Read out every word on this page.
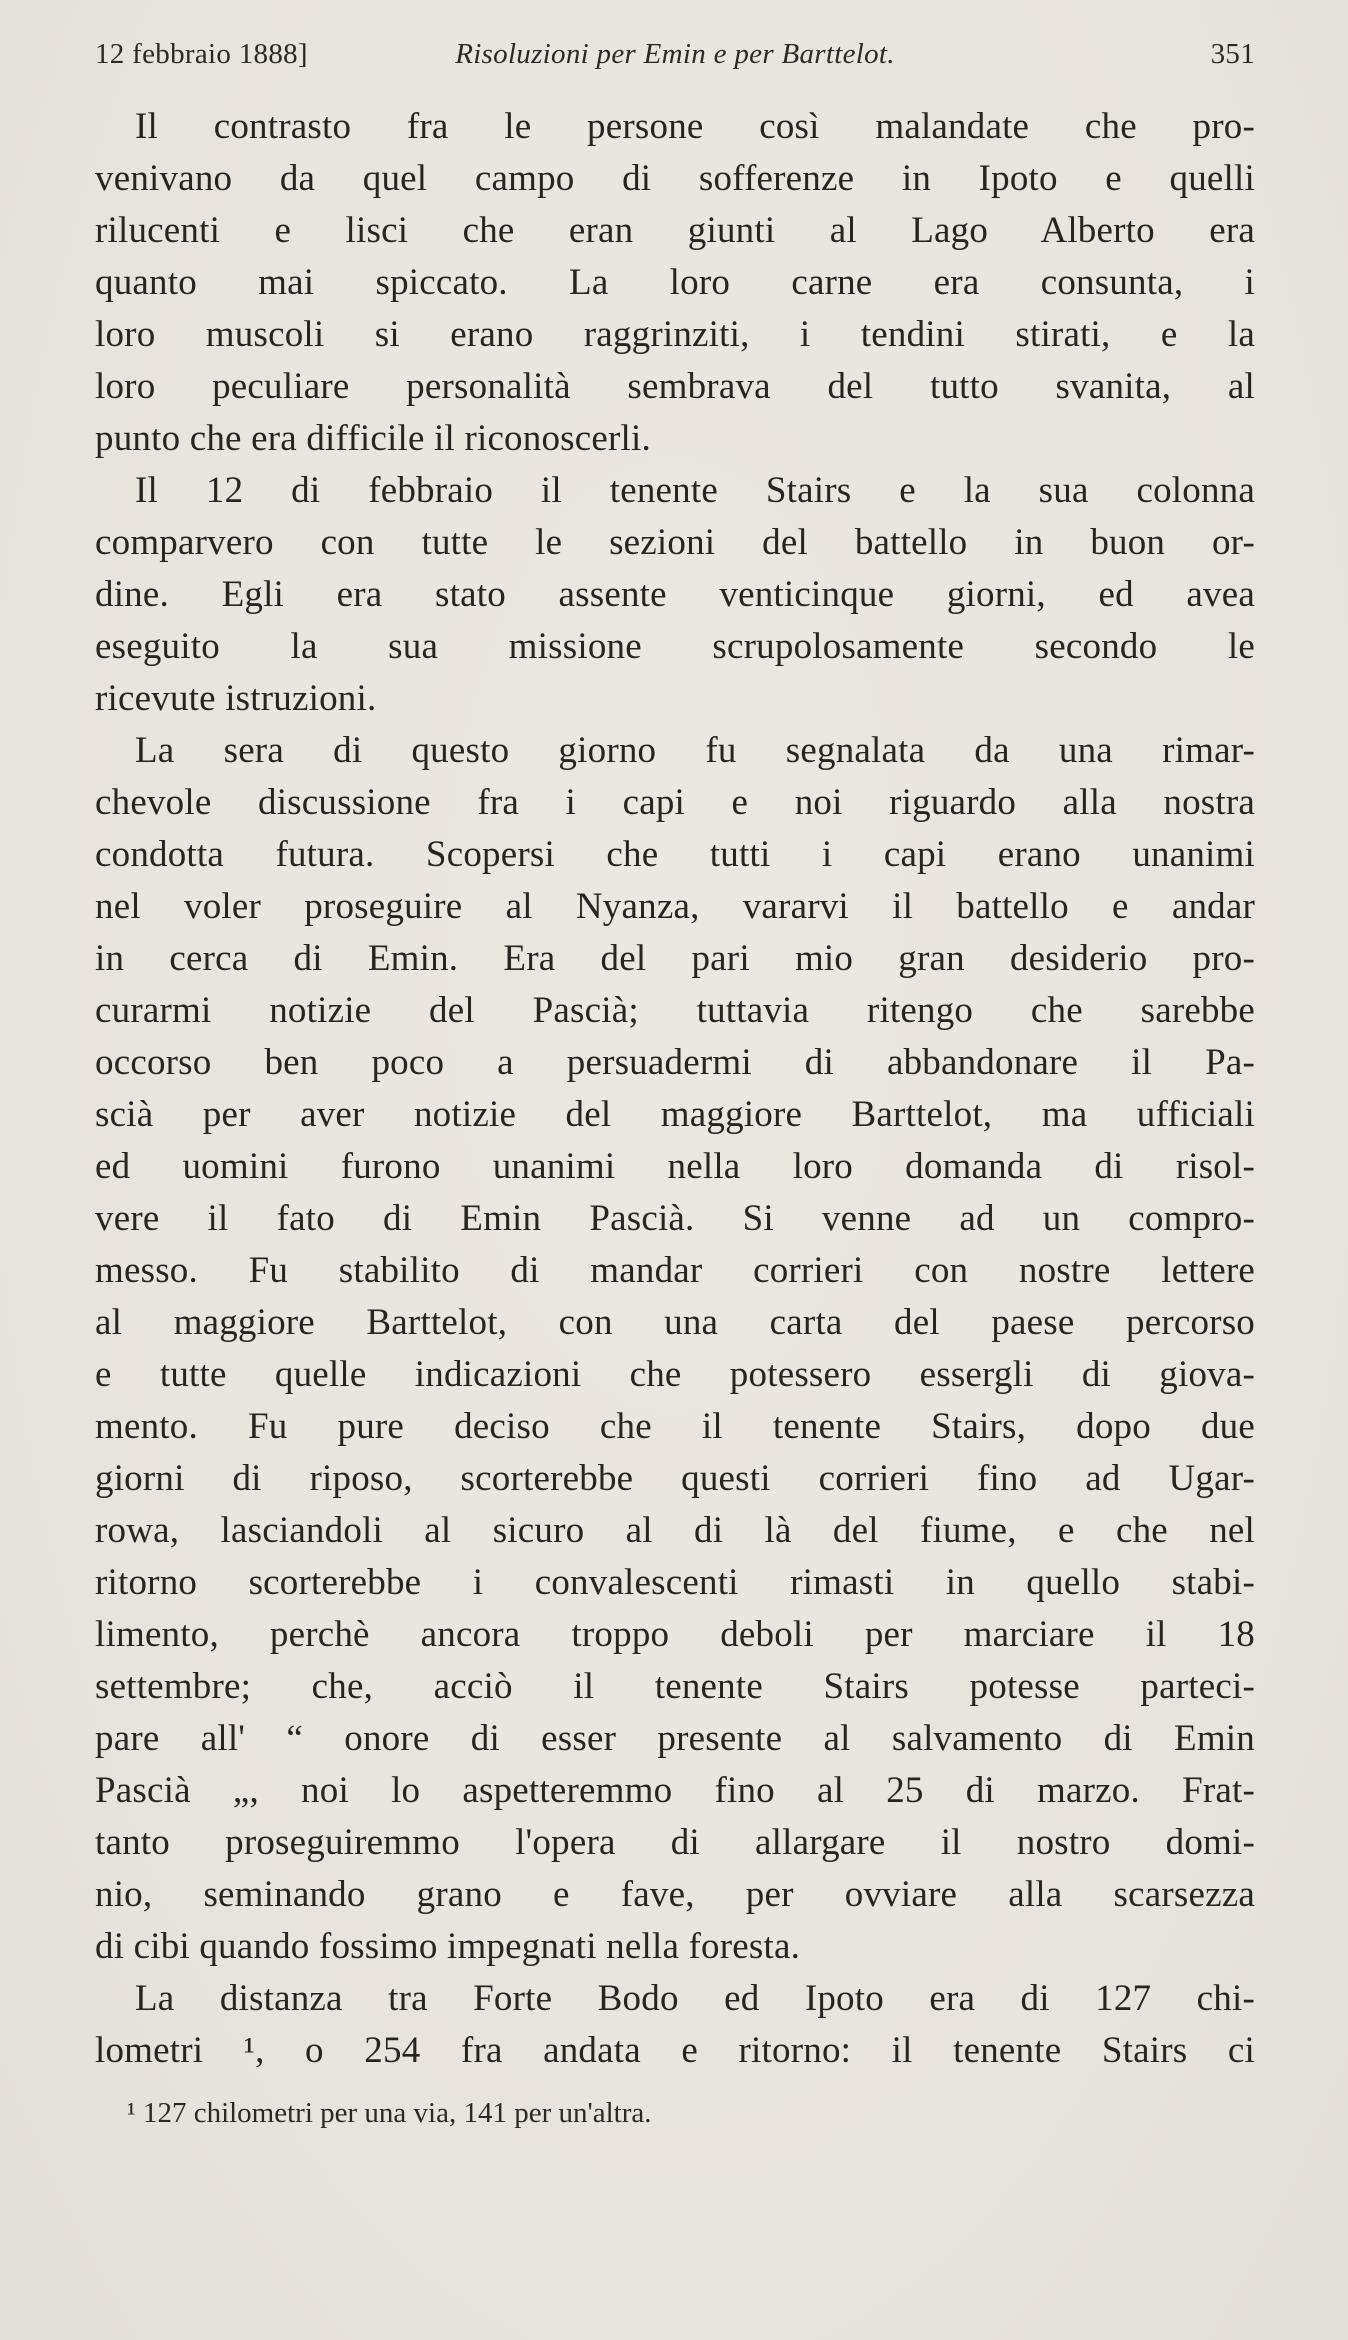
12 febbraio 1888]	Risoluzioni per Emin e per Barttelot.	351
Il contrasto fra le persone così malandate che pro-
venivano da quel campo di sofferenze in Ipoto e quelli
rilucenti e lisci che eran giunti al Lago Alberto era
quanto mai spiccato. La loro carne era consunta, i
loro muscoli si erano raggrinziti, i tendini stirati, e la
loro peculiare personalità sembrava del tutto svanita, al
punto che era difficile il riconoscerli.
Il 12 di febbraio il tenente Stairs e la sua colonna
comparvero con tutte le sezioni del battello in buon or-
dine. Egli era stato assente venticinque giorni, ed avea
eseguito la sua missione scrupolosamente secondo le
ricevute istruzioni.
La sera di questo giorno fu segnalata da una rimar-
chevole discussione fra i capi e noi riguardo alla nostra
condotta futura. Scopersi che tutti i capi erano unanimi
nel voler proseguire al Nyanza, vararvi il battello e andar
in cerca di Emin. Era del pari mio gran desiderio pro-
curarmi notizie del Pascià; tuttavia ritengo che sarebbe
occorso ben poco a persuadermi di abbandonare il Pa-
scià per aver notizie del maggiore Barttelot, ma ufficiali
ed uomini furono unanimi nella loro domanda di risol-
vere il fato di Emin Pascià. Si venne ad un compro-
messo. Fu stabilito di mandar corrieri con nostre lettere
al maggiore Barttelot, con una carta del paese percorso
e tutte quelle indicazioni che potessero essergli di giova-
mento. Fu pure deciso che il tenente Stairs, dopo due
giorni di riposo, scorterebbe questi corrieri fino ad Ugar-
rowa, lasciandoli al sicuro al di là del fiume, e che nel
ritorno scorterebbe i convalescenti rimasti in quello stabi-
limento, perchè ancora troppo deboli per marciare il 18
settembre; che, acciò il tenente Stairs potesse parteci-
pare all' “ onore di esser presente al salvamento di Emin
Pascià „, noi lo aspetteremmo fino al 25 di marzo. Frat-
tanto proseguiremmo l'opera di allargare il nostro domi-
nio, seminando grano e fave, per ovviare alla scarsezza
di cibi quando fossimo impegnati nella foresta.
La distanza tra Forte Bodo ed Ipoto era di 127 chi-
lometri ¹, o 254 fra andata e ritorno: il tenente Stairs ci
¹ 127 chilometri per una via, 141 per un'altra.
